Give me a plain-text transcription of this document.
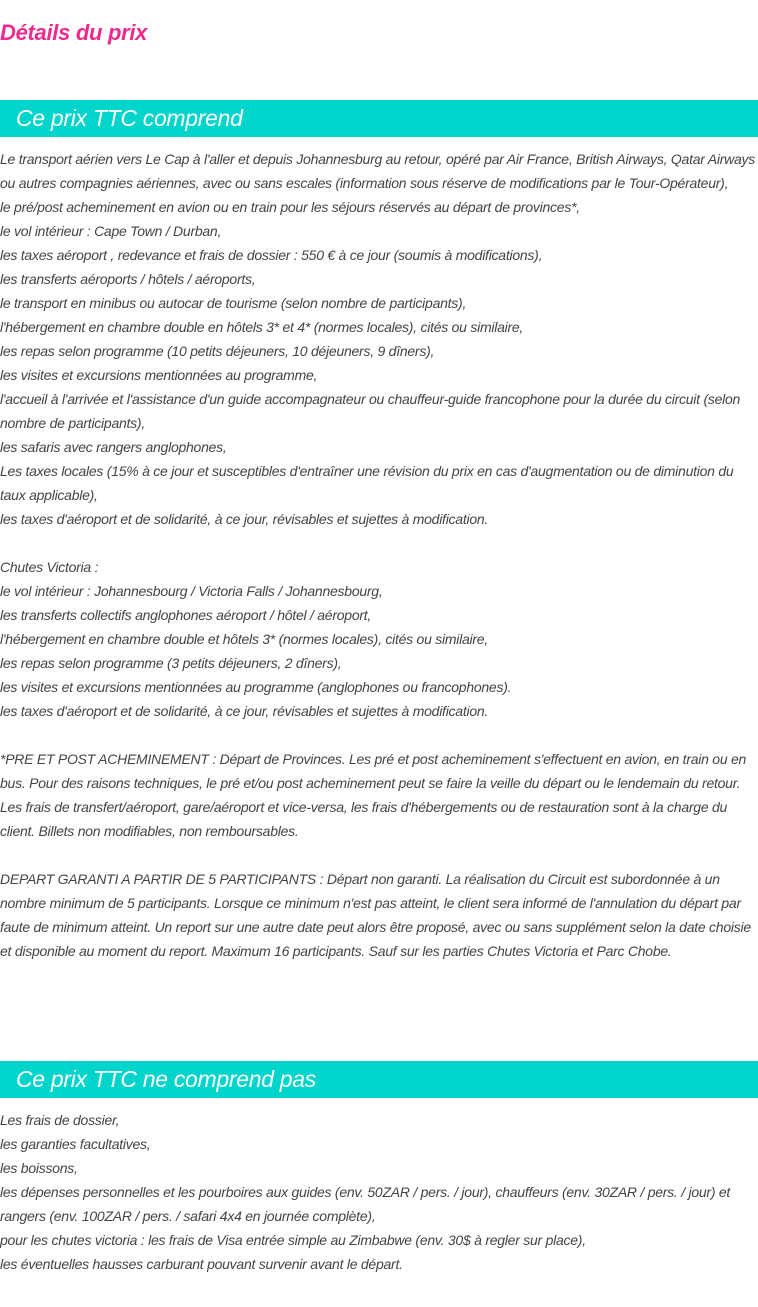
Détails du prix
Ce prix TTC comprend

Le transport aérien vers Le Cap à l'aller et depuis Johannesburg au retour, opéré par Air France, British Airways, Qatar Airways ou autres compagnies aériennes, avec ou sans escales (information sous réserve de modifications par le Tour-Opérateur),

le pré/post acheminement en avion ou en train pour les séjours réservés au départ de provinces*,

le vol intérieur : Cape Town / Durban,

les taxes aéroport , redevance et frais de dossier : 550 € à ce jour (soumis à modifications),

les transferts aéroports / hôtels / aéroports,

le transport en minibus ou autocar de tourisme (selon nombre de participants),

l'hébergement en chambre double en hôtels 3* et 4* (normes locales), cités ou similaire,

les repas selon programme (10 petits déjeuners, 10 déjeuners, 9 dîners),

les visites et excursions mentionnées au programme,

l'accueil à l'arrivée et l'assistance d'un guide accompagnateur ou chauffeur-guide francophone pour la durée du circuit (selon nombre de participants),

les safaris avec rangers anglophones,

Les taxes locales (15% à ce jour et susceptibles d'entraîner une révision du prix en cas d'augmentation ou de diminution du taux applicable),

les taxes d'aéroport et de solidarité, à ce jour, révisables et sujettes à modification.

Chutes Victoria :

le vol intérieur : Johannesbourg / Victoria Falls / Johannesbourg,

les transferts collectifs anglophones aéroport / hôtel / aéroport,

l'hébergement en chambre double et hôtels 3* (normes locales), cités ou similaire,

les repas selon programme (3 petits déjeuners, 2 dîners),

les visites et excursions mentionnées au programme (anglophones ou francophones).

les taxes d'aéroport et de solidarité, à ce jour, révisables et sujettes à modification.

*PRE ET POST ACHEMINEMENT : Départ de Provinces. Les pré et post acheminement s'effectuent en avion, en train ou en bus. Pour des raisons techniques, le pré et/ou post acheminement peut se faire la veille du départ ou le lendemain du retour. Les frais de transfert/aéroport, gare/aéroport et vice-versa, les frais d'hébergements ou de restauration sont à la charge du client. Billets non modifiables, non remboursables.

DEPART GARANTI A PARTIR DE 5 PARTICIPANTS : Départ non garanti. La réalisation du Circuit est subordonnée à un nombre minimum de 5 participants. Lorsque ce minimum n'est pas atteint, le client sera informé de l'annulation du départ par faute de minimum atteint. Un report sur une autre date peut alors être proposé, avec ou sans supplément selon la date choisie et disponible au moment du report. Maximum 16 participants. Sauf sur les parties Chutes Victoria et Parc Chobe.

Ce prix TTC ne comprend pas

Les frais de dossier,

les garanties facultatives,

les boissons,

les dépenses personnelles et les pourboires aux guides (env. 50ZAR / pers. / jour), chauffeurs (env. 30ZAR / pers. / jour) et rangers (env. 100ZAR / pers. / safari 4x4 en journée complète),

pour les chutes victoria : les frais de Visa entrée simple au Zimbabwe (env. 30$ à regler sur place),

les éventuelles hausses carburant pouvant survenir avant le départ.
